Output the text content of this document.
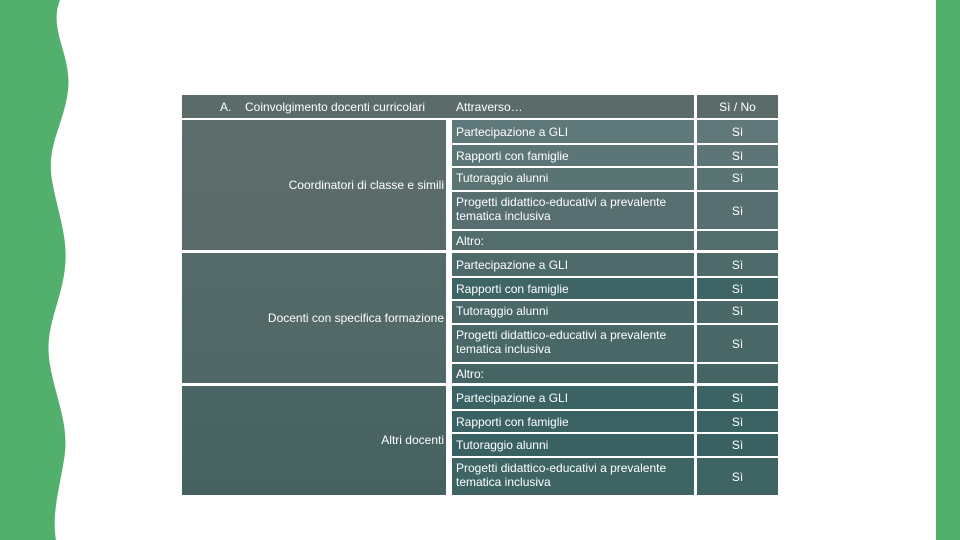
A. Coinvolgimento docenti curricolari	Attraverso…	Sì / No
Coordinatori di classe e simili
Partecipazione a GLI	Sì
Rapporti con famiglie	Sì
Tutoraggio alunni	Sì
Progetti didattico-educativi a prevalente tematica inclusiva	Sì
Altro:
Docenti con specifica formazione
Partecipazione a GLI	Sì
Rapporti con famiglie	Sì
Tutoraggio alunni	Sì
Progetti didattico-educativi a prevalente tematica inclusiva	Sì
Altro:
Altri docenti
Partecipazione a GLI	Sì
Rapporti con famiglie	Sì
Tutoraggio alunni	Sì
Progetti didattico-educativi a prevalente tematica inclusiva	Sì
